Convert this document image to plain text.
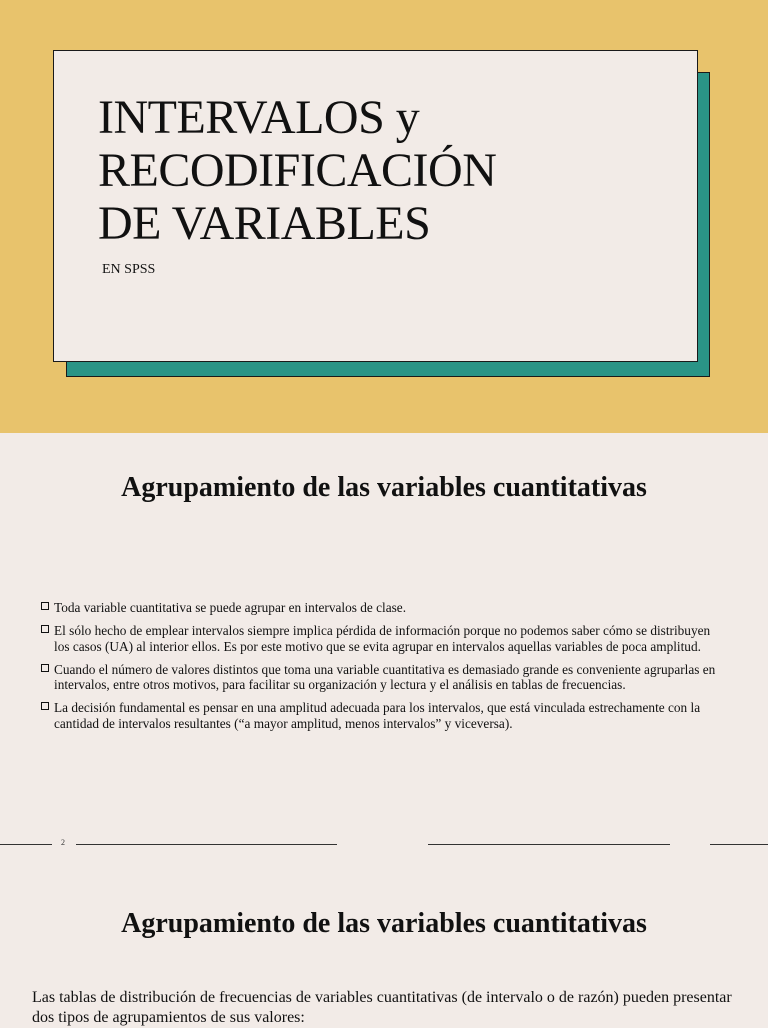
INTERVALOS y
RECODIFICACIÓN
DE VARIABLES
EN SPSS
Agrupamiento de las variables cuantitativas
Toda variable cuantitativa se puede agrupar en intervalos de clase.
El sólo hecho de emplear intervalos siempre implica pérdida de información porque no podemos saber cómo se distribuyen los casos (UA) al interior ellos. Es por este motivo que se evita agrupar en intervalos aquellas variables de poca amplitud.
Cuando el número de valores distintos que toma una variable cuantitativa es demasiado grande es conveniente agruparlas en intervalos, entre otros motivos, para facilitar su organización y lectura y el análisis en tablas de frecuencias.
La decisión fundamental es pensar en una amplitud adecuada para los intervalos, que está vinculada estrechamente con la cantidad de intervalos resultantes (“a mayor amplitud, menos intervalos” y viceversa).
2
Agrupamiento de las variables cuantitativas

Las tablas de distribución de frecuencias de variables cuantitativas (de intervalo o de razón) pueden presentar dos tipos de agrupamientos de sus valores:
